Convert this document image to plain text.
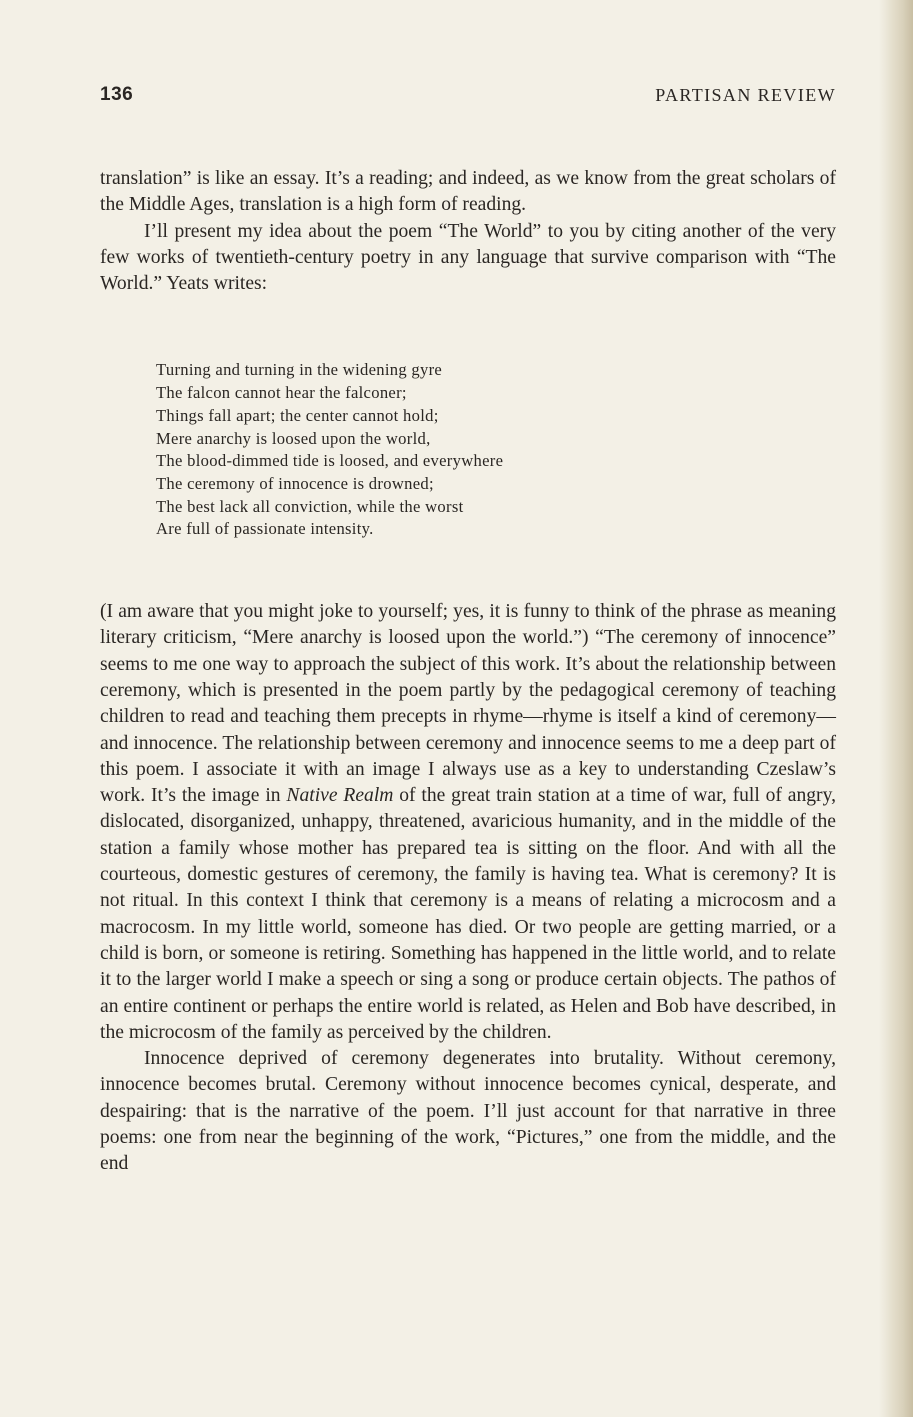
136	PARTISAN REVIEW

translation” is like an essay. It’s a reading; and indeed, as we know from the great scholars of the Middle Ages, translation is a high form of reading.

I’ll present my idea about the poem “The World” to you by citing another of the very few works of twentieth-century poetry in any language that survive comparison with “The World.” Yeats writes:

Turning and turning in the widening gyre
The falcon cannot hear the falconer;
Things fall apart; the center cannot hold;
Mere anarchy is loosed upon the world,
The blood-dimmed tide is loosed, and everywhere
The ceremony of innocence is drowned;
The best lack all conviction, while the worst
Are full of passionate intensity.

(I am aware that you might joke to yourself; yes, it is funny to think of the phrase as meaning literary criticism, “Mere anarchy is loosed upon the world.”) “The ceremony of innocence” seems to me one way to approach the subject of this work. It’s about the relationship between ceremony, which is presented in the poem partly by the pedagogical ceremony of teaching children to read and teaching them precepts in rhyme—rhyme is itself a kind of ceremony—and innocence. The relationship between ceremony and innocence seems to me a deep part of this poem. I associate it with an image I always use as a key to understanding Czeslaw’s work. It’s the image in Native Realm of the great train station at a time of war, full of angry, dislocated, disorganized, unhappy, threatened, avaricious humanity, and in the middle of the station a family whose mother has prepared tea is sitting on the floor. And with all the courteous, domestic gestures of ceremony, the family is having tea. What is ceremony? It is not ritual. In this context I think that ceremony is a means of relating a microcosm and a macrocosm. In my little world, someone has died. Or two people are getting married, or a child is born, or someone is retiring. Something has happened in the little world, and to relate it to the larger world I make a speech or sing a song or produce certain objects. The pathos of an entire continent or perhaps the entire world is related, as Helen and Bob have described, in the microcosm of the family as perceived by the children.

Innocence deprived of ceremony degenerates into brutality. Without ceremony, innocence becomes brutal. Ceremony without innocence becomes cynical, desperate, and despairing: that is the narrative of the poem. I’ll just account for that narrative in three poems: one from near the beginning of the work, “Pictures,” one from the middle, and the end
